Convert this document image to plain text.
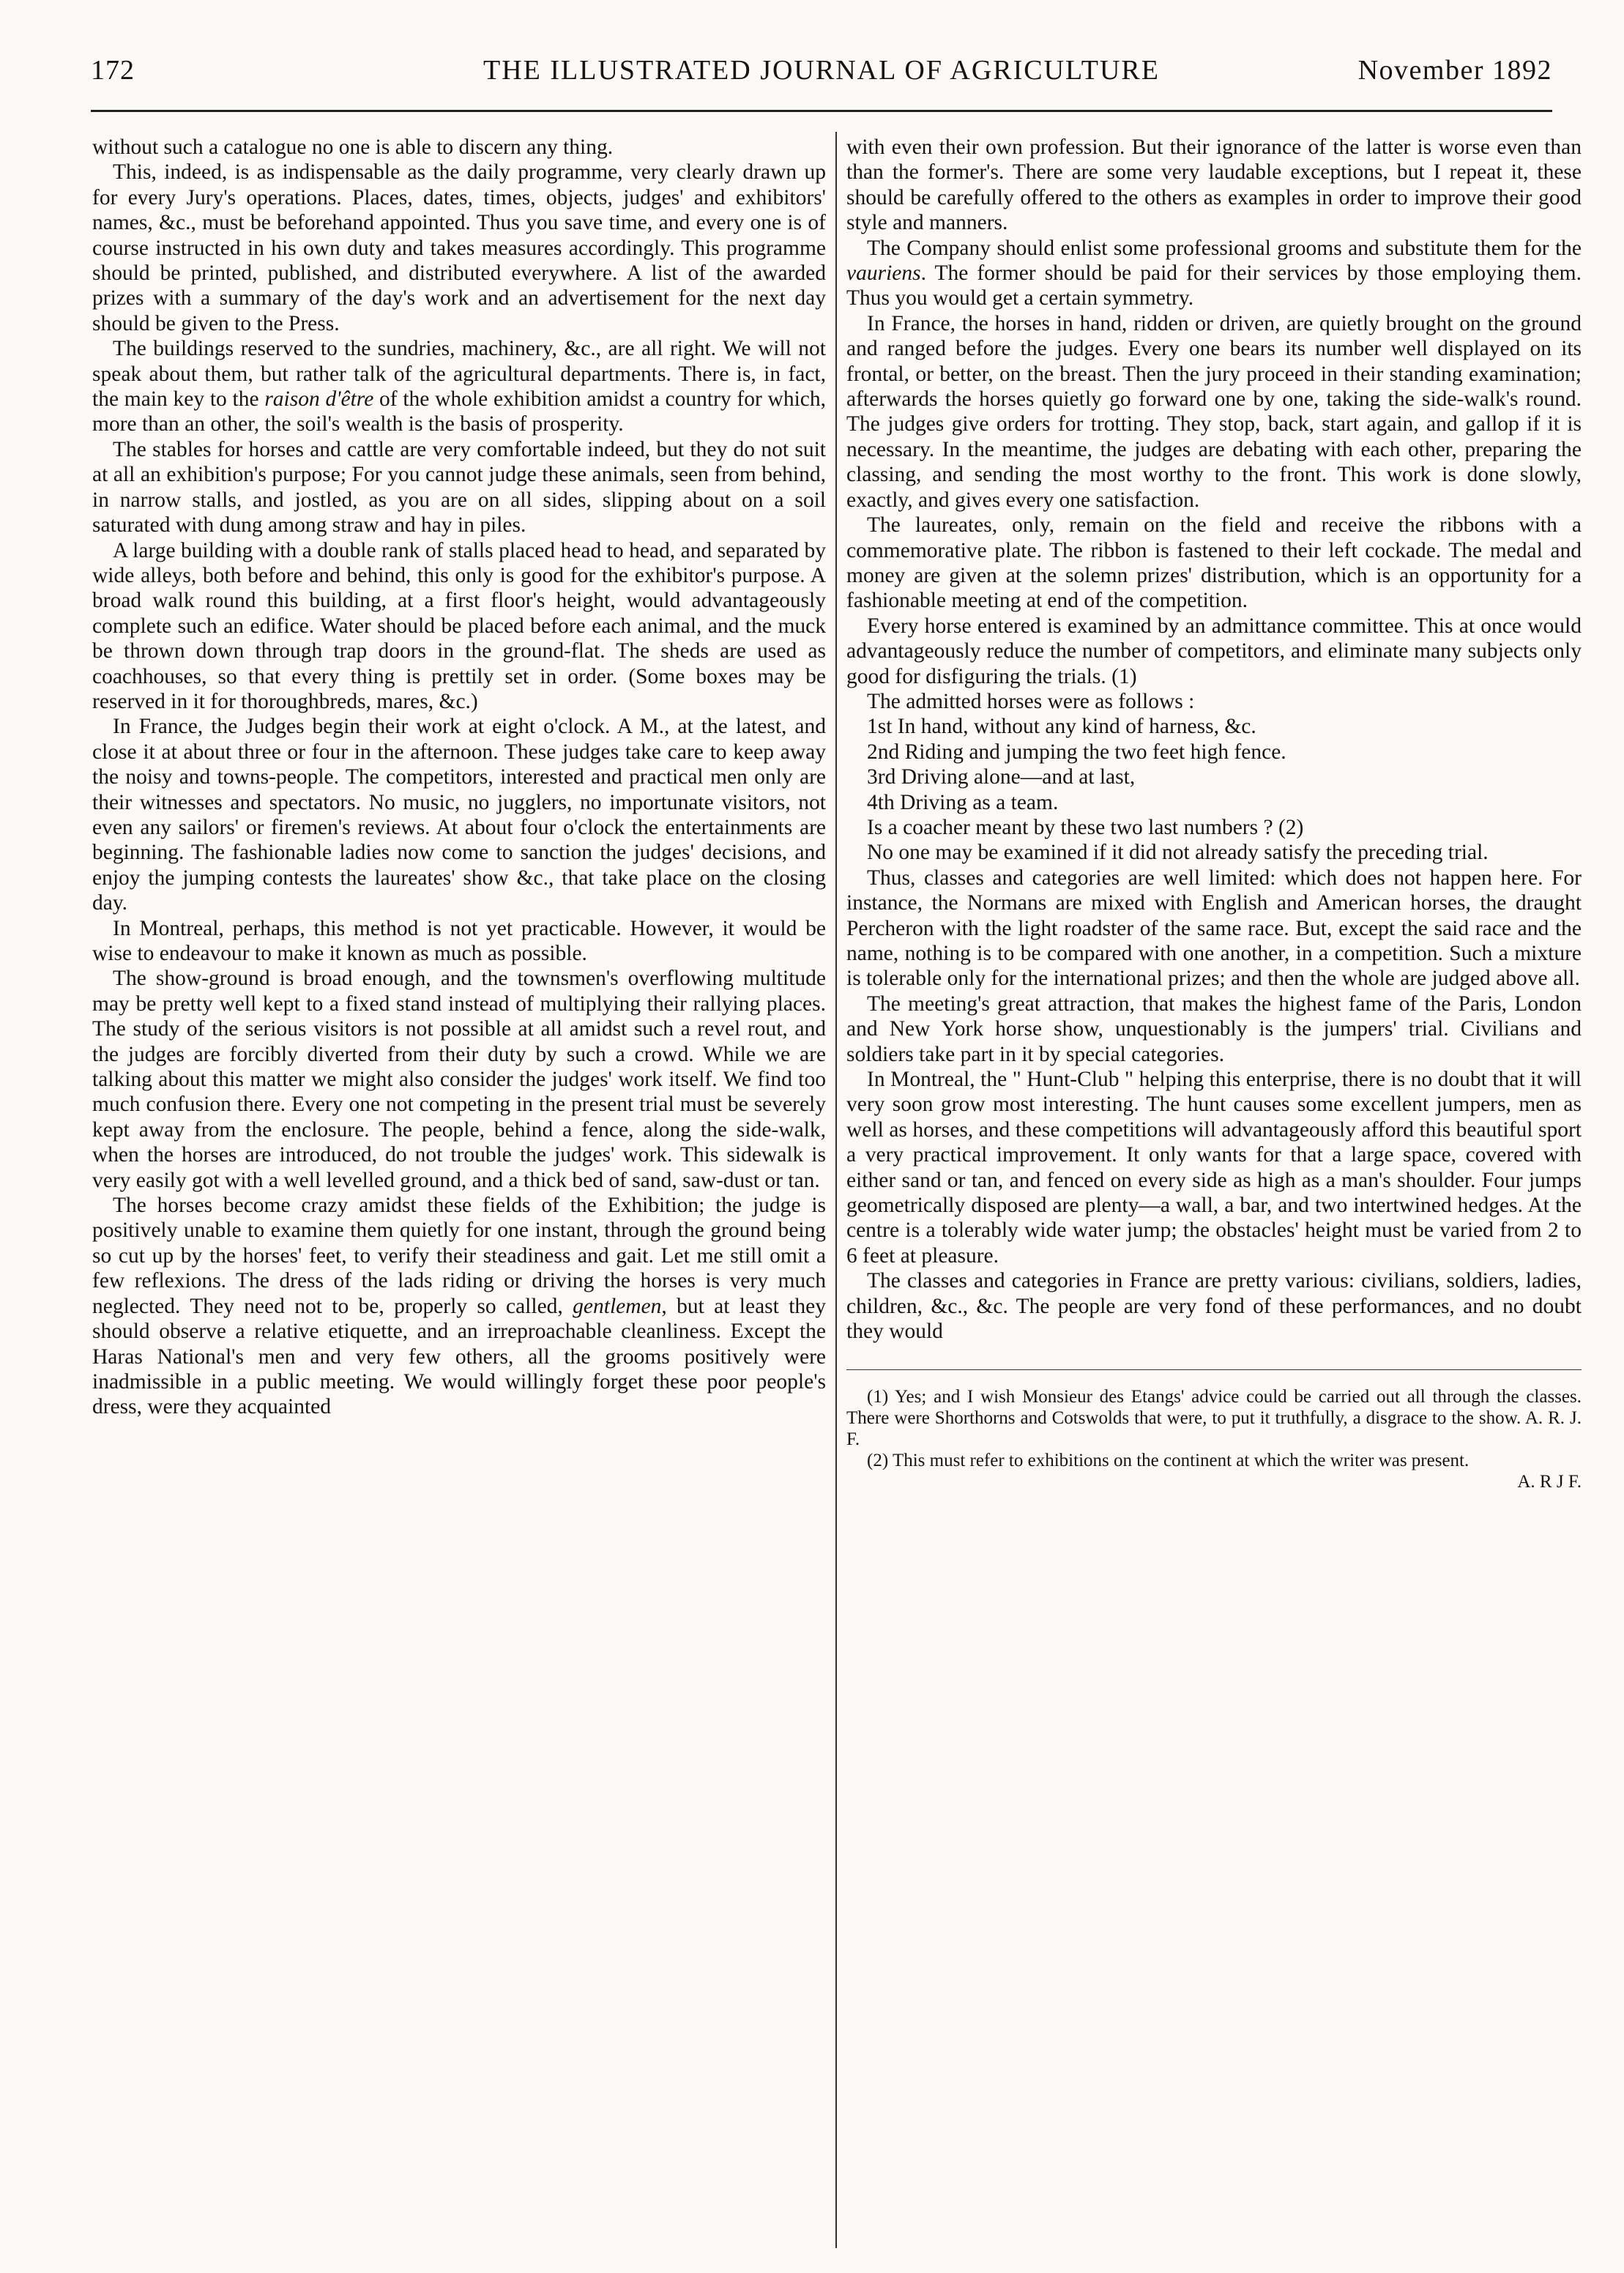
172	THE ILLUSTRATED JOURNAL OF AGRICULTURE	November 1892

without such a catalogue no one is able to discern any thing.

This, indeed, is as indispensable as the daily programme, very clearly drawn up for every Jury's operations. Places, dates, times, objects, judges' and exhibitors' names, &c., must be beforehand appointed. Thus you save time, and every one is of course instructed in his own duty and takes measures accordingly. This programme should be printed, published, and distributed everywhere. A list of the awarded prizes with a summary of the day's work and an advertisement for the next day should be given to the Press.

The buildings reserved to the sundries, machinery, &c., are all right. We will not speak about them, but rather talk of the agricultural departments. There is, in fact, the main key to the raison d'être of the whole exhibition amidst a country for which, more than an other, the soil's wealth is the basis of prosperity.

The stables for horses and cattle are very comfortable indeed, but they do not suit at all an exhibition's purpose; For you cannot judge these animals, seen from behind, in narrow stalls, and jostled, as you are on all sides, slipping about on a soil saturated with dung among straw and hay in piles.

A large building with a double rank of stalls placed head to head, and separated by wide alleys, both before and behind, this only is good for the exhibitor's purpose. A broad walk round this building, at a first floor's height, would advantageously complete such an edifice. Water should be placed before each animal, and the muck be thrown down through trap doors in the ground-flat. The sheds are used as coachhouses, so that every thing is prettily set in order. (Some boxes may be reserved in it for thoroughbreds, mares, &c.)

In France, the Judges begin their work at eight o'clock. A M., at the latest, and close it at about three or four in the afternoon. These judges take care to keep away the noisy and towns-people. The competitors, interested and practical men only are their witnesses and spectators. No music, no jugglers, no importunate visitors, not even any sailors' or firemen's reviews. At about four o'clock the entertainments are beginning. The fashionable ladies now come to sanction the judges' decisions, and enjoy the jumping contests the laureates' show &c., that take place on the closing day.

In Montreal, perhaps, this method is not yet practicable. However, it would be wise to endeavour to make it known as much as possible.

The show-ground is broad enough, and the townsmen's overflowing multitude may be pretty well kept to a fixed stand instead of multiplying their rallying places. The study of the serious visitors is not possible at all amidst such a revel rout, and the judges are forcibly diverted from their duty by such a crowd. While we are talking about this matter we might also consider the judges' work itself. We find too much confusion there. Every one not competing in the present trial must be severely kept away from the enclosure. The people, behind a fence, along the side-walk, when the horses are introduced, do not trouble the judges' work. This sidewalk is very easily got with a well levelled ground, and a thick bed of sand, saw-dust or tan.

The horses become crazy amidst these fields of the Exhibition; the judge is positively unable to examine them quietly for one instant, through the ground being so cut up by the horses' feet, to verify their steadiness and gait. Let me still omit a few reflexions. The dress of the lads riding or driving the horses is very much neglected. They need not to be, properly so called, gentlemen, but at least they should observe a relative etiquette, and an irreproachable cleanliness. Except the Haras National's men and very few others, all the grooms positively were inadmissible in a public meeting. We would willingly forget these poor people's dress, were they acquainted

with even their own profession. But their ignorance of the latter is worse even than than the former's. There are some very laudable exceptions, but I repeat it, these should be carefully offered to the others as examples in order to improve their good style and manners.

The Company should enlist some professional grooms and substitute them for the vauriens. The former should be paid for their services by those employing them. Thus you would get a certain symmetry.

In France, the horses in hand, ridden or driven, are quietly brought on the ground and ranged before the judges. Every one bears its number well displayed on its frontal, or better, on the breast. Then the jury proceed in their standing examination; afterwards the horses quietly go forward one by one, taking the side-walk's round. The judges give orders for trotting. They stop, back, start again, and gallop if it is necessary. In the meantime, the judges are debating with each other, preparing the classing, and sending the most worthy to the front. This work is done slowly, exactly, and gives every one satisfaction.

The laureates, only, remain on the field and receive the ribbons with a commemorative plate. The ribbon is fastened to their left cockade. The medal and money are given at the solemn prizes' distribution, which is an opportunity for a fashionable meeting at end of the competition.

Every horse entered is examined by an admittance committee. This at once would advantageously reduce the number of competitors, and eliminate many subjects only good for disfiguring the trials. (1)

The admitted horses were as follows :

1st In hand, without any kind of harness, &c.

2nd Riding and jumping the two feet high fence.

3rd Driving alone—and at last,

4th Driving as a team.

Is a coacher meant by these two last numbers ? (2)

No one may be examined if it did not already satisfy the preceding trial.

Thus, classes and categories are well limited: which does not happen here. For instance, the Normans are mixed with English and American horses, the draught Percheron with the light roadster of the same race. But, except the said race and the name, nothing is to be compared with one another, in a competition. Such a mixture is tolerable only for the international prizes; and then the whole are judged above all.

The meeting's great attraction, that makes the highest fame of the Paris, London and New York horse show, unquestionably is the jumpers' trial. Civilians and soldiers take part in it by special categories.

In Montreal, the " Hunt-Club " helping this enterprise, there is no doubt that it will very soon grow most interesting. The hunt causes some excellent jumpers, men as well as horses, and these competitions will advantageously afford this beautiful sport a very practical improvement. It only wants for that a large space, covered with either sand or tan, and fenced on every side as high as a man's shoulder. Four jumps geometrically disposed are plenty—a wall, a bar, and two intertwined hedges. At the centre is a tolerably wide water jump; the obstacles' height must be varied from 2 to 6 feet at pleasure.

The classes and categories in France are pretty various: civilians, soldiers, ladies, children, &c., &c. The people are very fond of these performances, and no doubt they would

(1) Yes; and I wish Monsieur des Etangs' advice could be carried out all through the classes. There were Shorthorns and Cotswolds that were, to put it truthfully, a disgrace to the show. A. R. J. F.

(2) This must refer to exhibitions on the continent at which the writer was present.
A. R J F.
